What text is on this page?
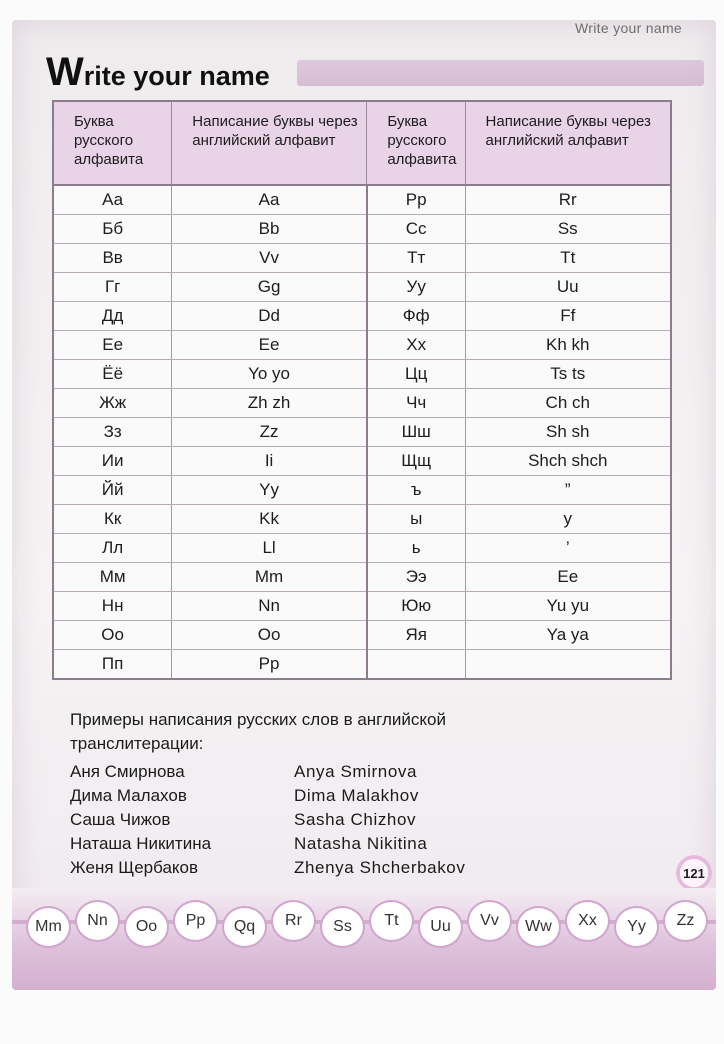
Write your name
Write your name
Буква русского алфавита	Написание буквы через английский алфавит	Буква русского алфавита	Написание буквы через английский алфавит
Аа	Aa	Рр	Rr
Бб	Bb	Сс	Ss
Вв	Vv	Тт	Tt
Гг	Gg	Уу	Uu
Дд	Dd	Фф	Ff
Ее	Ee	Хх	Kh kh
Ёё	Yo yo	Цц	Ts ts
Жж	Zh zh	Чч	Ch ch
Зз	Zz	Шш	Sh sh
Ии	Ii	Щщ	Shch shch
Йй	Yy	ъ	”
Кк	Kk	ы	y
Лл	Ll	ь	’
Мм	Mm	Ээ	Ee
Нн	Nn	Юю	Yu yu
Оо	Oo	Яя	Ya ya
Пп	Pp		
Примеры написания русских слов в английской транслитерации:
Аня Смирнова	Anya Smirnova
Дима Малахов	Dima Malakhov
Саша Чижов	Sasha Chizhov
Наташа Никитина	Natasha Nikitina
Женя Щербаков	Zhenya Shcherbakov	121
Mm	Nn	Oo	Pp	Qq	Rr	Ss	Tt	Uu	Vv	Ww	Xx	Yy	Zz
